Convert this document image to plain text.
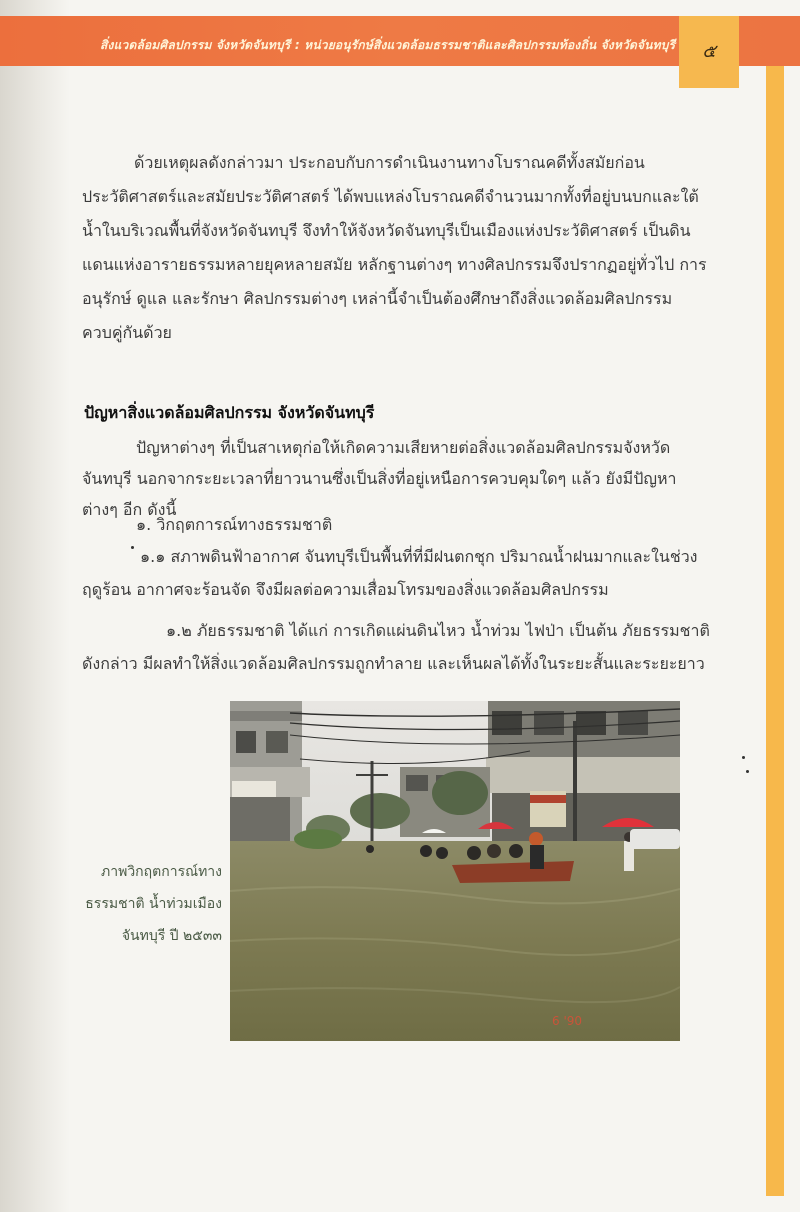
สิ่งแวดล้อมศิลปกรรม จังหวัดจันทบุรี : หน่วยอนุรักษ์สิ่งแวดล้อมธรรมชาติและศิลปกรรมท้องถิ่น จังหวัดจันทบุรี	๕

ด้วยเหตุผลดังกล่าวมา ประกอบกับการดำเนินงานทางโบราณคดีทั้งสมัยก่อนประวัติศาสตร์และสมัยประวัติศาสตร์ ได้พบแหล่งโบราณคดีจำนวนมากทั้งที่อยู่บนบกและใต้น้ำในบริเวณพื้นที่จังหวัดจันทบุรี จึงทำให้จังหวัดจันทบุรีเป็นเมืองแห่งประวัติศาสตร์ เป็นดินแดนแห่งอารายธรรมหลายยุคหลายสมัย หลักฐานต่างๆ ทางศิลปกรรมจึงปรากฏอยู่ทั่วไป การอนุรักษ์ ดูแล และรักษา ศิลปกรรมต่างๆ เหล่านี้จำเป็นต้องศึกษาถึงสิ่งแวดล้อมศิลปกรรมควบคู่กันด้วย

ปัญหาสิ่งแวดล้อมศิลปกรรม จังหวัดจันทบุรี

ปัญหาต่างๆ ที่เป็นสาเหตุก่อให้เกิดความเสียหายต่อสิ่งแวดล้อมศิลปกรรมจังหวัดจันทบุรี นอกจากระยะเวลาที่ยาวนานซึ่งเป็นสิ่งที่อยู่เหนือการควบคุมใดๆ แล้ว ยังมีปัญหาต่างๆ อีก ดังนี้

๑. วิกฤตการณ์ทางธรรมชาติ

๑.๑ สภาพดินฟ้าอากาศ จันทบุรีเป็นพื้นที่ที่มีฝนตกชุก ปริมาณน้ำฝนมากและในช่วงฤดูร้อน อากาศจะร้อนจัด จึงมีผลต่อความเสื่อมโทรมของสิ่งแวดล้อมศิลปกรรม

๑.๒ ภัยธรรมชาติ ได้แก่ การเกิดแผ่นดินไหว น้ำท่วม ไฟป่า เป็นต้น ภัยธรรมชาติดังกล่าว มีผลทำให้สิ่งแวดล้อมศิลปกรรมถูกทำลาย และเห็นผลได้ทั้งในระยะสั้นและระยะยาว

6 '90
ภาพวิกฤตการณ์ทางธรรมชาติ น้ำท่วมเมืองจันทบุรี ปี ๒๕๓๓
